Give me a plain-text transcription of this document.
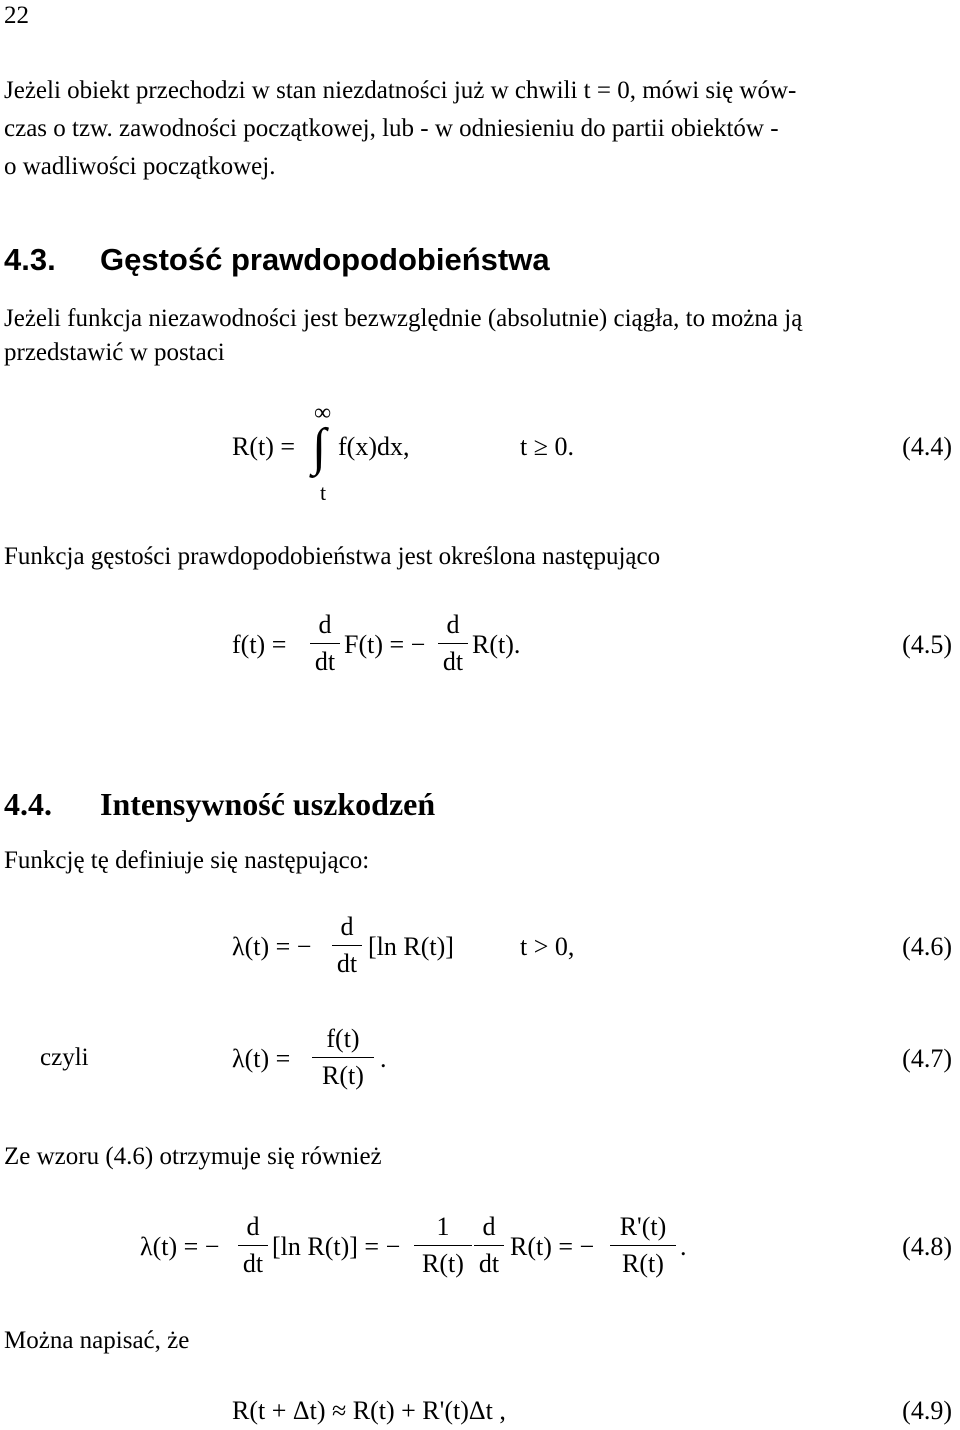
22
Jeżeli obiekt przechodzi w stan niezdatności już w chwili t = 0, mówi się wów-
czas o tzw. zawodności początkowej, lub - w odniesieniu do partii obiektów -
o wadliwości początkowej.
4.3. Gęstość prawdopodobieństwa
Jeżeli funkcja niezawodności jest bezwzględnie (absolutnie) ciągła, to można ją
przedstawić w postaci
R(t) =
∞
∫
t
f(x)dx,	t ≥ 0.	(4.4)
Funkcja gęstości prawdopodobieństwa jest określona następująco
f(t) =
d
dt
F(t) = −
d
dt
R(t).	(4.5)
4.4. Intensywność uszkodzeń
Funkcję tę definiuje się następująco:
λ(t) = −
d
dt
[ln R(t)]	t > 0,	(4.6)
czyli	λ(t) =
f(t)
R(t)
.	(4.7)
Ze wzoru (4.6) otrzymuje się również
λ(t) = −
d
dt
[ln R(t)] = −
1
R(t)
d
dt
R(t) = −
R'(t)
R(t)
.	(4.8)
Można napisać, że
R(t + Δt) ≈ R(t) + R'(t)Δt ,	(4.9)
